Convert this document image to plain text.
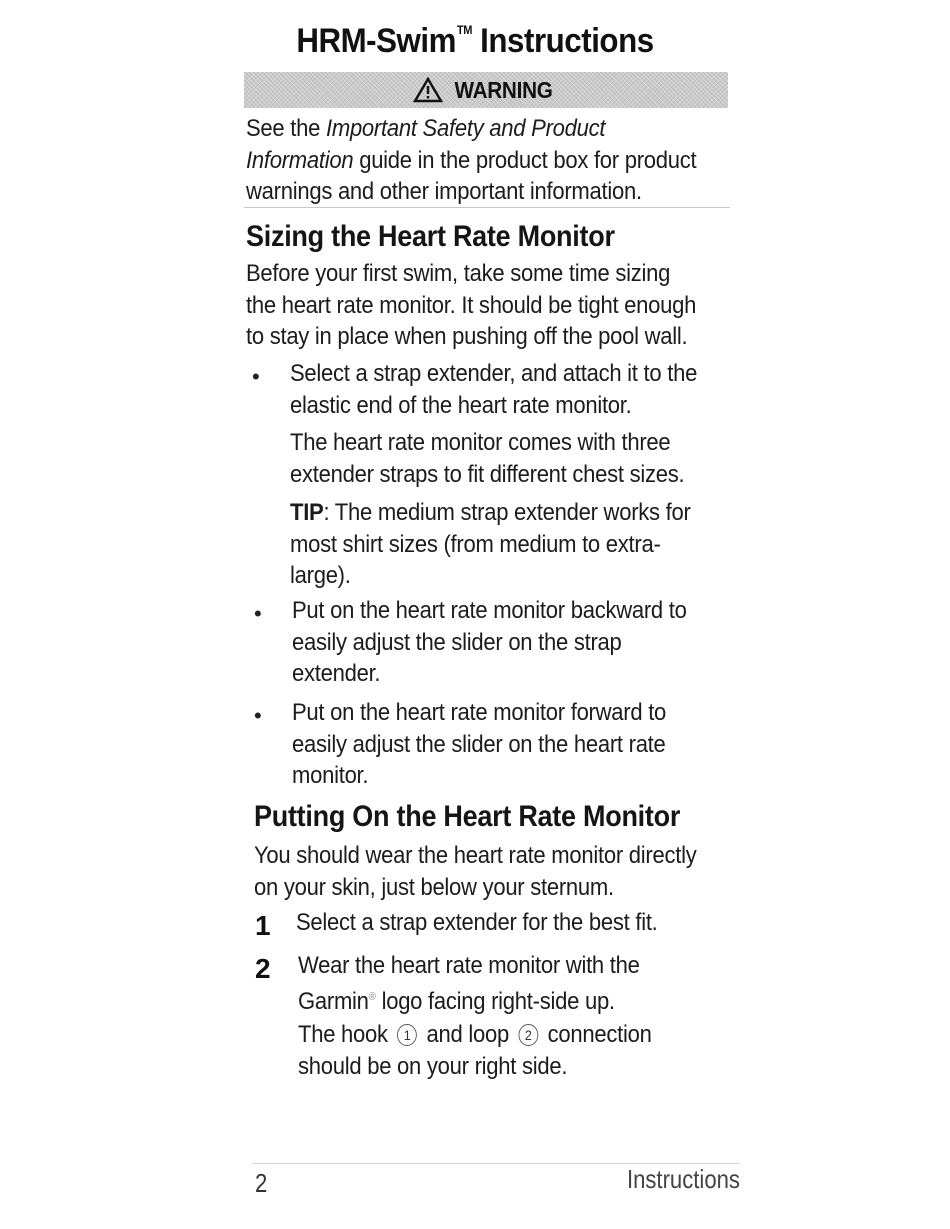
HRM-Swim™ Instructions
WARNING
See the Important Safety and Product
Information guide in the product box for product
warnings and other important information.
Sizing the Heart Rate Monitor
Before your first swim, take some time sizing
the heart rate monitor. It should be tight enough
to stay in place when pushing off the pool wall.
• Select a strap extender, and attach it to the
elastic end of the heart rate monitor.
The heart rate monitor comes with three
extender straps to fit different chest sizes.
TIP: The medium strap extender works for
most shirt sizes (from medium to extra-
large).
• Put on the heart rate monitor backward to
easily adjust the slider on the strap
extender.
• Put on the heart rate monitor forward to
easily adjust the slider on the heart rate
monitor.
Putting On the Heart Rate Monitor
You should wear the heart rate monitor directly
on your skin, just below your sternum.
1 Select a strap extender for the best fit.
2 Wear the heart rate monitor with the
Garmin® logo facing right-side up.
The hook 1 and loop 2 connection
should be on your right side.
2	Instructions
